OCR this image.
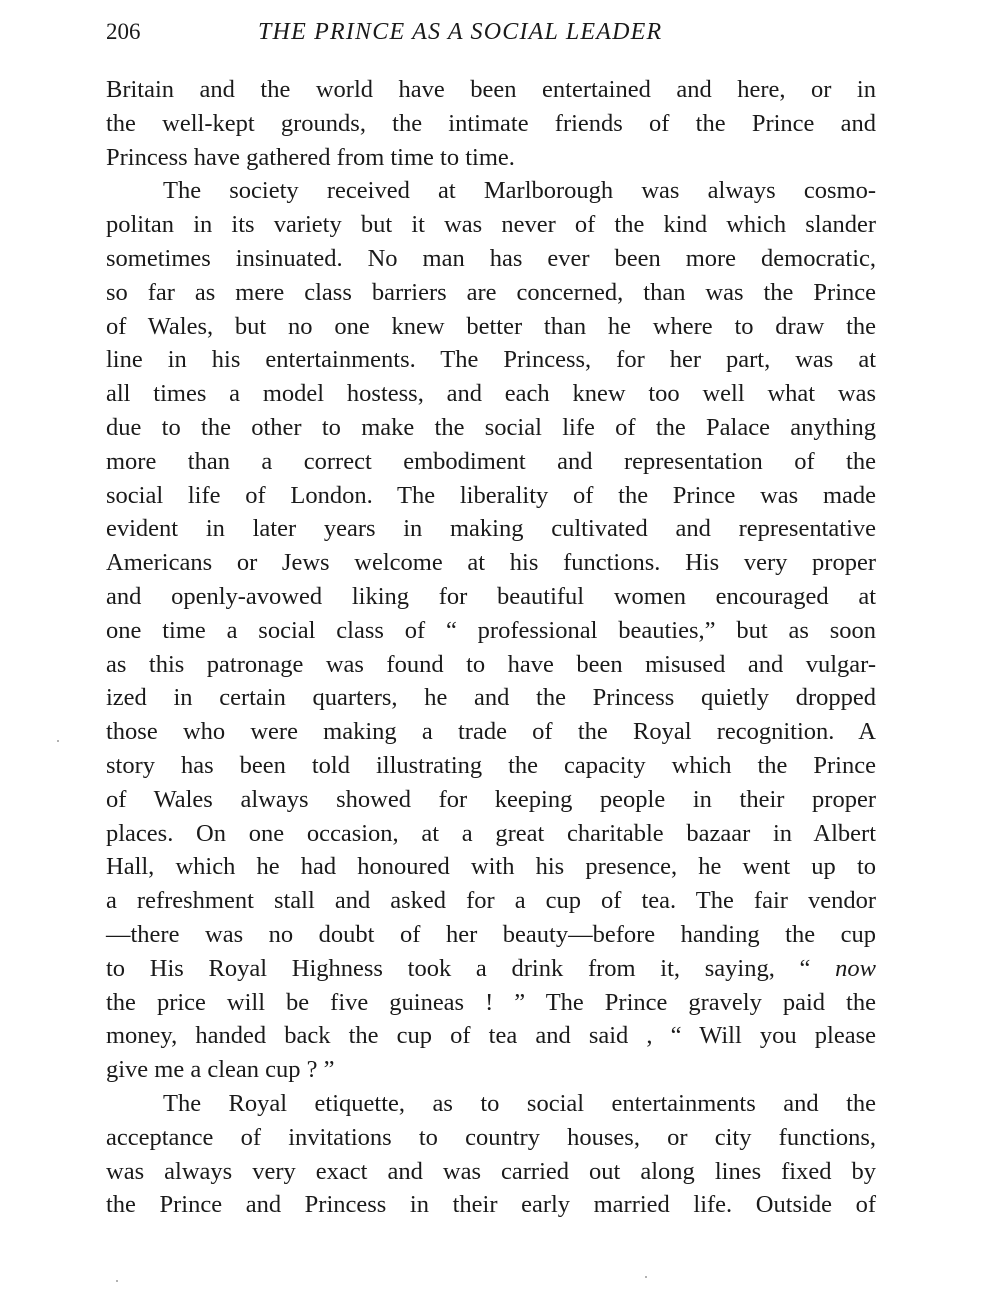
206	THE PRINCE AS A SOCIAL LEADER
Britain and the world have been entertained and here, or in
the well-kept grounds, the intimate friends of the Prince and
Princess have gathered from time to time.
The society received at Marlborough was always cosmo-
politan in its variety but it was never of the kind which slander
sometimes insinuated. No man has ever been more democratic,
so far as mere class barriers are concerned, than was the Prince
of Wales, but no one knew better than he where to draw the
line in his entertainments. The Princess, for her part, was at
all times a model hostess, and each knew too well what was
due to the other to make the social life of the Palace anything
more than a correct embodiment and representation of the
social life of London. The liberality of the Prince was made
evident in later years in making cultivated and representative
Americans or Jews welcome at his functions. His very proper
and openly-avowed liking for beautiful women encouraged at
one time a social class of “ professional beauties,” but as soon
as this patronage was found to have been misused and vulgar-
ized in certain quarters, he and the Princess quietly dropped
those who were making a trade of the Royal recognition. A
story has been told illustrating the capacity which the Prince
of Wales always showed for keeping people in their proper
places. On one occasion, at a great charitable bazaar in Albert
Hall, which he had honoured with his presence, he went up to
a refreshment stall and asked for a cup of tea. The fair vendor
—there was no doubt of her beauty—before handing the cup
to His Royal Highness took a drink from it, saying, “ now
the price will be five guineas ! ” The Prince gravely paid the
money, handed back the cup of tea and said , “ Will you please
give me a clean cup ? ”
The Royal etiquette, as to social entertainments and the
acceptance of invitations to country houses, or city functions,
was always very exact and was carried out along lines fixed by
the Prince and Princess in their early married life. Outside of
